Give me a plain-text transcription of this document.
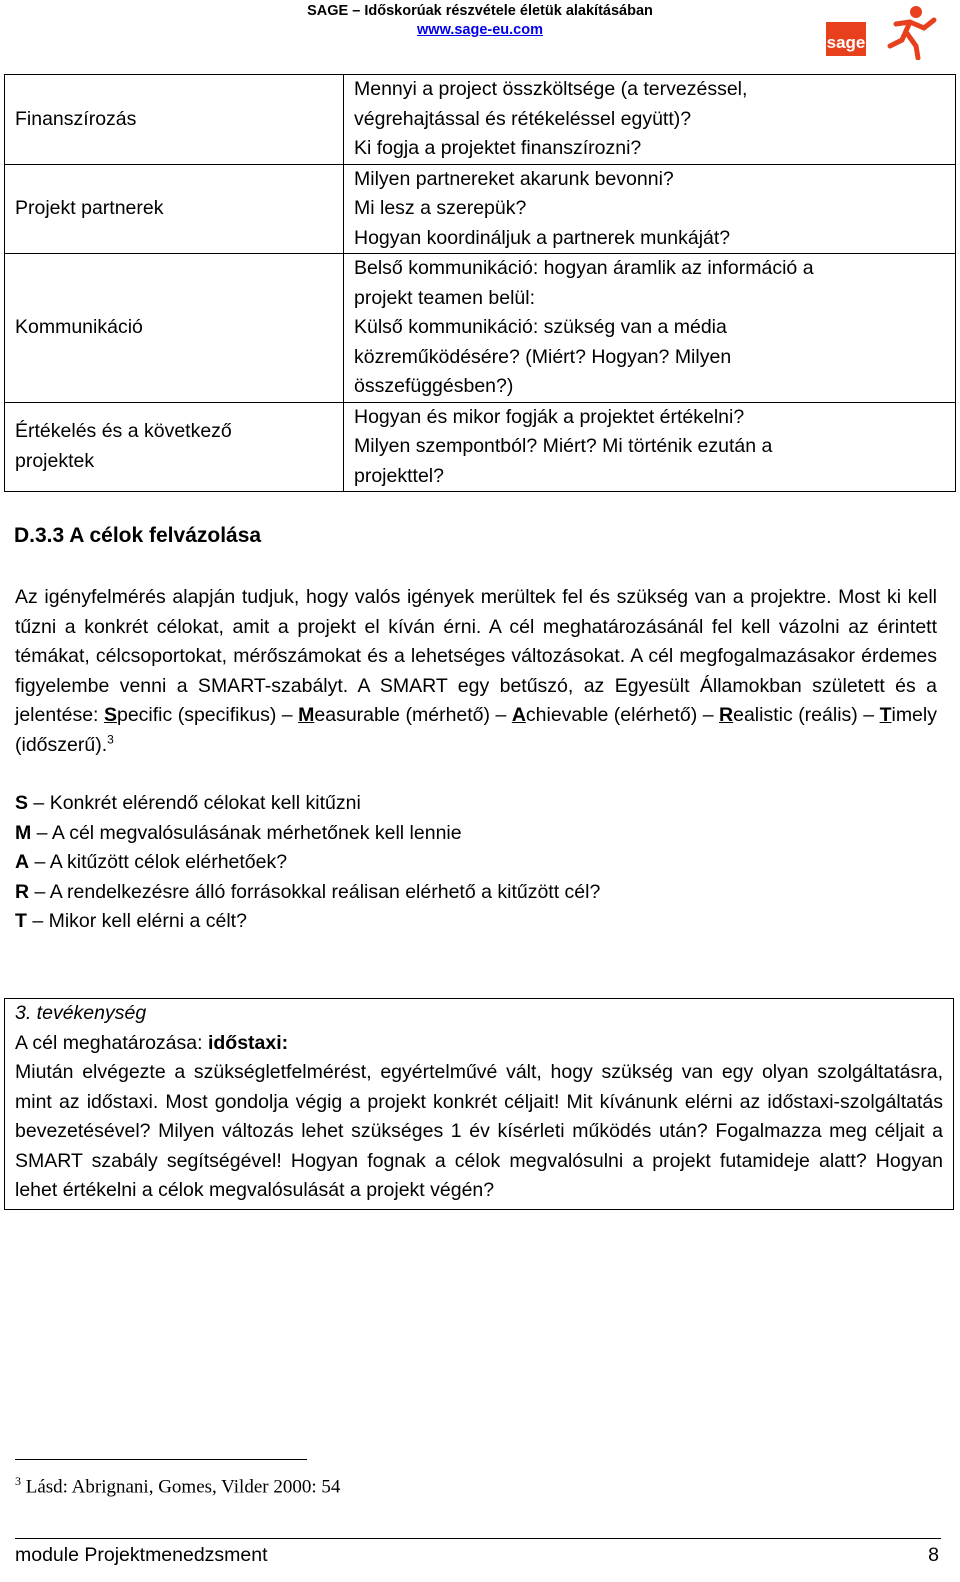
SAGE – Időskorúak részvétele életük alakításában
www.sage-eu.com
sage
Finanszírozás	Mennyi a project összköltsége (a tervezéssel,
végrehajtással és rétékeléssel együtt)?
Ki fogja a projektet finanszírozni?

Projekt partnerek	Milyen partnereket akarunk bevonni?
Mi lesz a szerepük?
Hogyan koordináljuk a partnerek munkáját?

Kommunikáció	Belső kommunikáció: hogyan áramlik az információ a
projekt teamen belül:
Külső kommunikáció: szükség van a média
közreműködésére? (Miért? Hogyan? Milyen
összefüggésben?)

Értékelés és a következő
projektek	Hogyan és mikor fogják a projektet értékelni?
Milyen szempontból? Miért? Mi történik ezután a
projekttel?
D.3.3 A célok felvázolása
Az igényfelmérés alapján tudjuk, hogy valós igények merültek fel és szükség van a projektre. Most ki kell tűzni a konkrét célokat, amit a projekt el kíván érni. A cél meghatározásánál fel kell vázolni az érintett témákat, célcsoportokat, mérőszámokat és a lehetséges változásokat. A cél megfogalmazásakor érdemes figyelembe venni a SMART-szabályt. A SMART egy betűszó, az Egyesült Államokban született és a jelentése: Specific (specifikus) – Measurable (mérhető) – Achievable (elérhető) – Realistic (reális) – Timely (időszerű).$^3$
S – Konkrét elérendő célokat kell kitűzni
M – A cél megvalósulásának mérhetőnek kell lennie
A – A kitűzött célok elérhetőek?
R – A rendelkezésre álló forrásokkal reálisan elérhető a kitűzött cél?
T – Mikor kell elérni a célt?
3. tevékenység
A cél meghatározása: időstaxi:
Miután elvégezte a szükségletfelmérést, egyértelművé vált, hogy szükség van egy olyan szolgáltatásra, mint az időstaxi. Most gondolja végig a projekt konkrét céljait! Mit kívánunk elérni az időstaxi-szolgáltatás bevezetésével? Milyen változás lehet szükséges 1 év kísérleti működés után? Fogalmazza meg céljait a SMART szabály segítségével! Hogyan fognak a célok megvalósulni a projekt futamideje alatt? Hogyan lehet értékelni a célok megvalósulását a projekt végén?
$^3$ Lásd: Abrignani, Gomes, Vilder 2000: 54
module Projektmenedzsment	8
